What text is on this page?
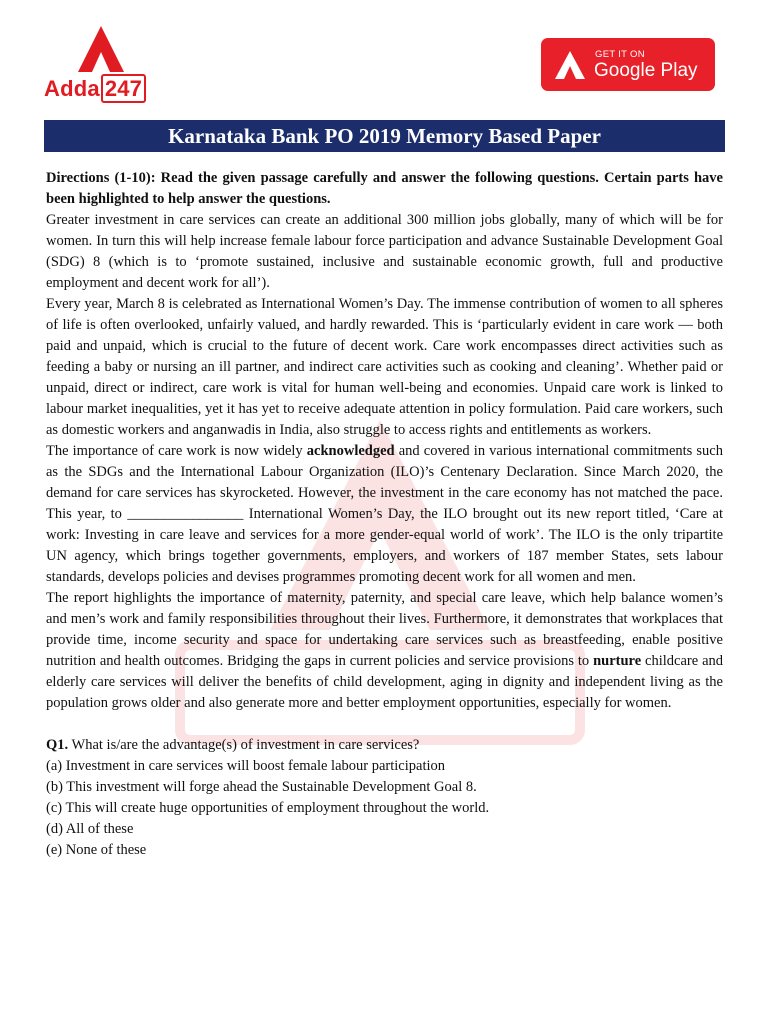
Adda 247
GET IT ON
Google Play
Karnataka Bank PO 2019 Memory Based Paper

Directions (1-10): Read the given passage carefully and answer the following questions. Certain parts have been highlighted to help answer the questions.

Greater investment in care services can create an additional 300 million jobs globally, many of which will be for women. In turn this will help increase female labour force participation and advance Sustainable Development Goal (SDG) 8 (which is to ‘promote sustained, inclusive and sustainable economic growth, full and productive employment and decent work for all’).

Every year, March 8 is celebrated as International Women’s Day. The immense contribution of women to all spheres of life is often overlooked, unfairly valued, and hardly rewarded. This is ‘particularly evident in care work — both paid and unpaid, which is crucial to the future of decent work. Care work encompasses direct activities such as feeding a baby or nursing an ill partner, and indirect care activities such as cooking and cleaning’. Whether paid or unpaid, direct or indirect, care work is vital for human well-being and economies. Unpaid care work is linked to labour market inequalities, yet it has yet to receive adequate attention in policy formulation. Paid care workers, such as domestic workers and anganwadis in India, also struggle to access rights and entitlements as workers.

The importance of care work is now widely acknowledged and covered in various international commitments such as the SDGs and the International Labour Organization (ILO)’s Centenary Declaration. Since March 2020, the demand for care services has skyrocketed. However, the investment in the care economy has not matched the pace. This year, to ________________ International Women’s Day, the ILO brought out its new report titled, ‘Care at work: Investing in care leave and services for a more gender-equal world of work’. The ILO is the only tripartite UN agency, which brings together governments, employers, and workers of 187 member States, sets labour standards, develops policies and devises programmes promoting decent work for all women and men.

The report highlights the importance of maternity, paternity, and special care leave, which help balance women’s and men’s work and family responsibilities throughout their lives. Furthermore, it demonstrates that workplaces that provide time, income security and space for undertaking care services such as breastfeeding, enable positive nutrition and health outcomes. Bridging the gaps in current policies and service provisions to nurture childcare and elderly care services will deliver the benefits of child development, aging in dignity and independent living as the population grows older and also generate more and better employment opportunities, especially for women.

Q1. What is/are the advantage(s) of investment in care services?

(a) Investment in care services will boost female labour participation

(b) This investment will forge ahead the Sustainable Development Goal 8.

(c) This will create huge opportunities of employment throughout the world.

(d) All of these

(e) None of these
